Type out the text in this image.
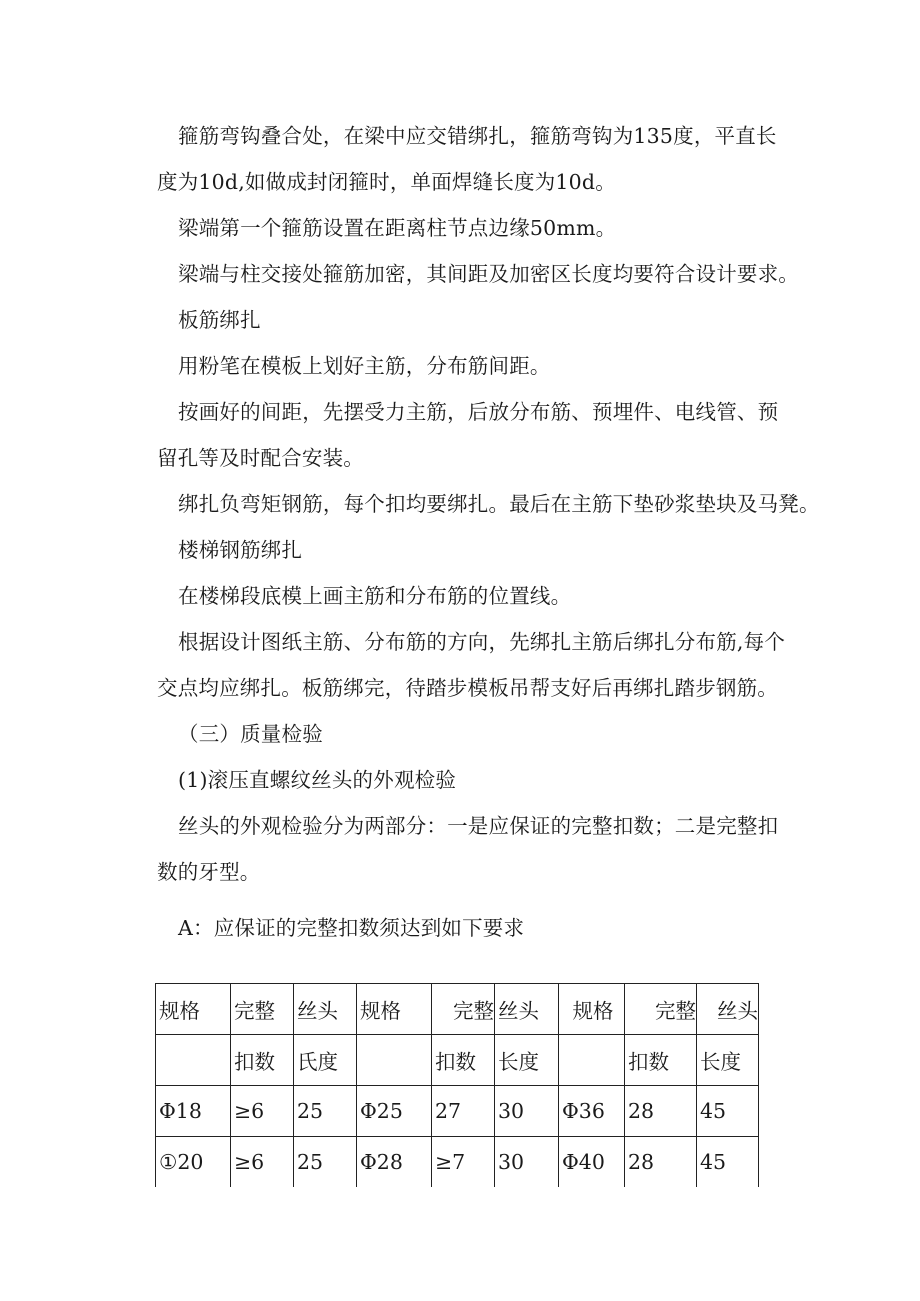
箍筋弯钩叠合处，在梁中应交错绑扎，箍筋弯钩为135度，平直长度为10d,如做成封闭箍时，单面焊缝长度为10d。

梁端第一个箍筋设置在距离柱节点边缘50mm。

梁端与柱交接处箍筋加密，其间距及加密区长度均要符合设计要求。

板筋绑扎

用粉笔在模板上划好主筋，分布筋间距。

按画好的间距，先摆受力主筋，后放分布筋、预埋件、电线管、预留孔等及时配合安装。

绑扎负弯矩钢筋，每个扣均要绑扎。最后在主筋下垫砂浆垫块及马凳。

楼梯钢筋绑扎

在楼梯段底模上画主筋和分布筋的位置线。

根据设计图纸主筋、分布筋的方向，先绑扎主筋后绑扎分布筋,每个交点均应绑扎。板筋绑完，待踏步模板吊帮支好后再绑扎踏步钢筋。

（三）质量检验

(1)滚压直螺纹丝头的外观检验

丝头的外观检验分为两部分：一是应保证的完整扣数；二是完整扣数的牙型。

A：应保证的完整扣数须达到如下要求

规格	完整	丝头	规格	完整	丝头	规格	完整	丝头
	扣数	氏度		扣数	长度		扣数	长度
Φ18	≥6	25	Φ25	27	30	Φ36	28	45
①20	≥6	25	Φ28	≥7	30	Φ40	28	45
